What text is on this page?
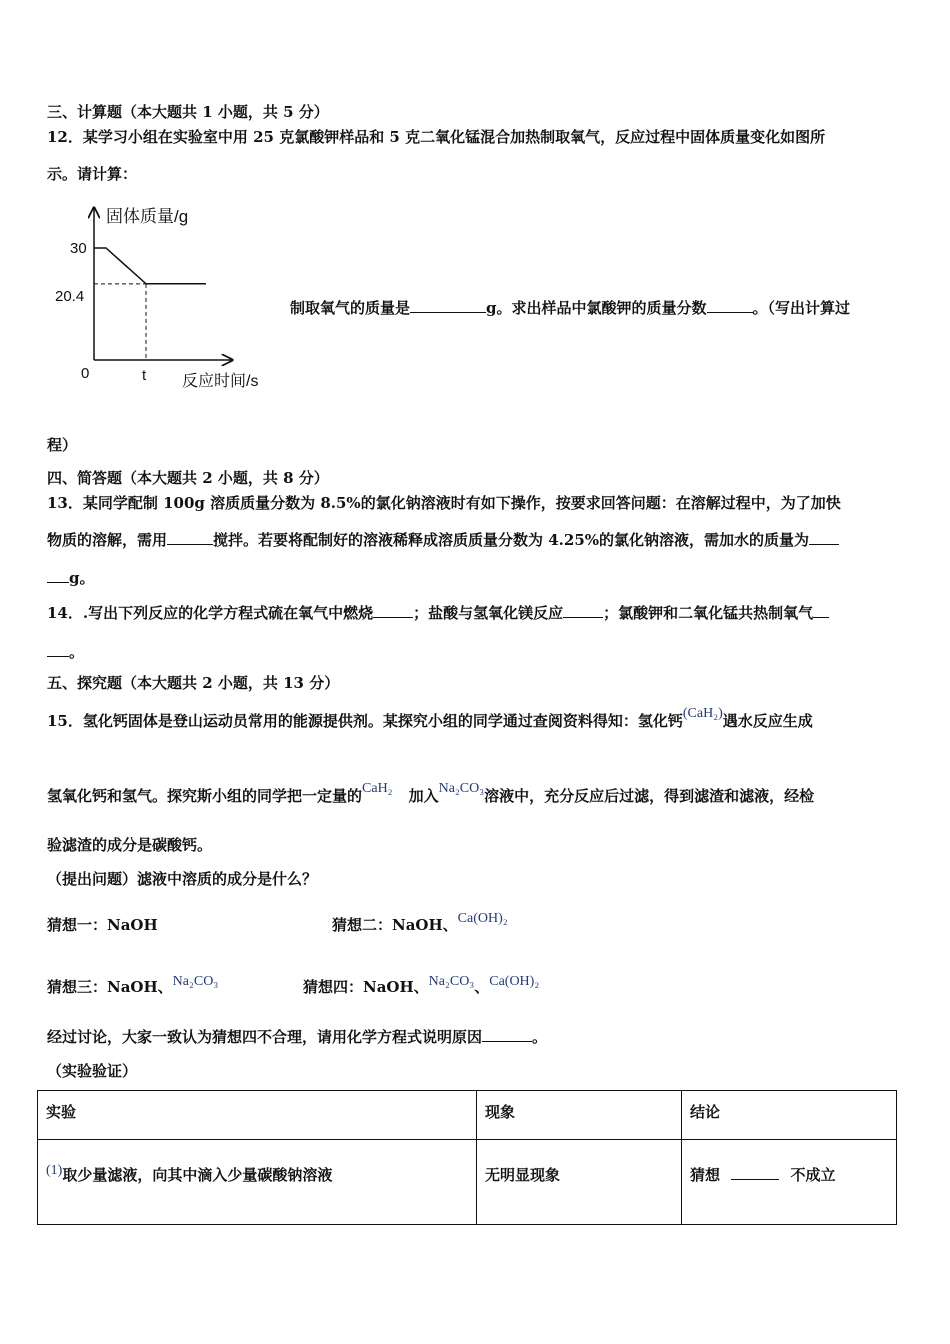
三、计算题（本大题共 1 小题，共 5 分）
12．某学习小组在实验室中用 25 克氯酸钾样品和 5 克二氧化锰混合加热制取氧气，反应过程中固体质量变化如图所
示。请计算：
固体质量/g
30
20.4
0	t 反应时间/s
制取氧气的质量是	g。求出样品中氯酸钾的质量分数	。（写出计算过
程）
四、简答题（本大题共 2 小题，共 8 分）
13．某同学配制 100g 溶质质量分数为 8.5%的氯化钠溶液时有如下操作，按要求回答问题：在溶解过程中，为了加快
物质的溶解，需用	搅拌。若要将配制好的溶液稀释成溶质质量分数为 4.25%的氯化钠溶液，需加水的质量为
g。
14．.写出下列反应的化学方程式硫在氧气中燃烧	；盐酸与氢氧化镁反应	；氯酸钾和二氧化锰共热制氧气
。
五、探究题（本大题共 2 小题，共 13 分）
15．氢化钙固体是登山运动员常用的能源提供剂。某探究小组的同学通过查阅资料得知：氢化钙(CaH₂)遇水反应生成
氢氧化钙和氢气。探究斯小组的同学把一定量的CaH₂ 加入Na₂CO₃溶液中，充分反应后过滤，得到滤渣和滤液，经检
验滤渣的成分是碳酸钙。
（提出问题）滤液中溶质的成分是什么？
猜想一：NaOH	猜想二：NaOH、Ca(OH)₂
猜想三：NaOH、Na₂CO₃	猜想四：NaOH、Na₂CO₃、Ca(OH)₂
经过讨论，大家一致认为猜想四不合理，请用化学方程式说明原因	。
（实验验证）
实验	现象	结论
(1)取少量滤液，向其中滴入少量碳酸钠溶液	无明显现象	猜想 不成立
